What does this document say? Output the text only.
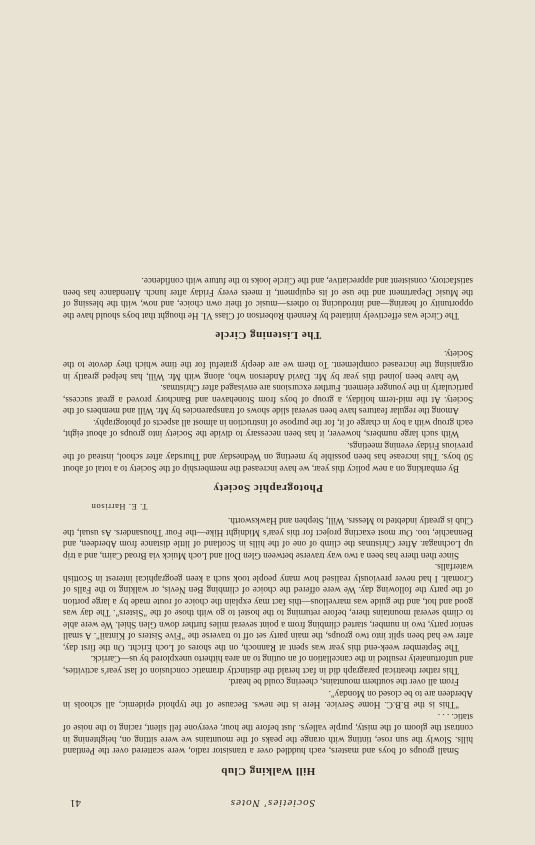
Societies' Notes
41
Hill Walking Club

Small groups of boys and masters, each huddled over a transistor radio, were scattered over the Pentland hills. Slowly the sun rose, tinting with orange the peaks of the mountains we were sitting on, heightening in contrast the gloom of the misty, purple valleys. Just before the hour, everyone fell silent, racing to the noise of static. . . .

"This is the B.B.C. Home Service. Here is the news. Because of the typhoid epidemic, all schools in Aberdeen are to be closed on Monday".

From all over the southern mountains, cheering could be heard.

This rather theatrical paragraph did in fact herald the distinctly dramatic conclusion of last year's activities, and unfortunately resulted in the cancellation of an outing to an area hitherto unexplored by us—Carrick.

The September week-end this year was spent at Rannoch, on the shores of Loch Ericht. On the first day, after we had been split into two groups, the main party set off to traverse the "Five Sisters of Kintail". A small senior party, two in number, started climbing from a point several miles further down Glen Shiel. We were able to climb several mountains there, before returning to the hostel to go with those of the "Sisters". The day was good and hot, and the guide was marvellous—this fact may explain the choice of route made by a large portion of the party the following day. We were offered the choice of climbing Ben Nevis, or walking to the Falls of Cromalt. I had never previously realised how many people took such a keen geographical interest in Scottish waterfalls.

Since then there has been a two way traverse between Glen Doll and Loch Muick via Broad Cairn, and a trip up Lochnagar. After Christmas the climb of one of the hills in Scotland of little distance from Aberdeen, and Bennachie, too. Our most exacting project for this year's Midnight Hike—the Four Thousanders. As usual, the Club is greatly indebted to Messrs. Will, Stephen and Hawksworth.

T. E. Harrison
Photographic Society

By embarking on a new policy this year, we have increased the membership of the Society to a total of about 50 boys. This increase has been possible by meeting on Wednesday and Thursday after school, instead of the previous Friday evening meetings.

With such large numbers, however, it has been necessary to divide the Society into groups of about eight, each group with a boy in charge of it, for the purpose of instruction in almost all aspects of photography.

Among the regular features have been several slide shows of transparencies by Mr. Will and members of the Society. At the mid-term holiday, a group of boys from Stonehaven and Banchory proved a great success, particularly in the younger element. Further excursions are envisaged after Christmas.

We have been joined this year by Mr. David Anderson who, along with Mr. Will, has helped greatly in organising the increased complement. To them we are deeply grateful for the time which they devote to the Society.

The Listening Circle

The Circle was effectively initiated by Kenneth Robertson of Class VI. He thought that boys should have the opportunity of hearing—and introducing to others—music of their own choice, and now, with the blessing of the Music Department and the use of its equipment, it meets every Friday after lunch. Attendance has been satisfactory, consistent and appreciative, and the Circle looks to the future with confidence.
